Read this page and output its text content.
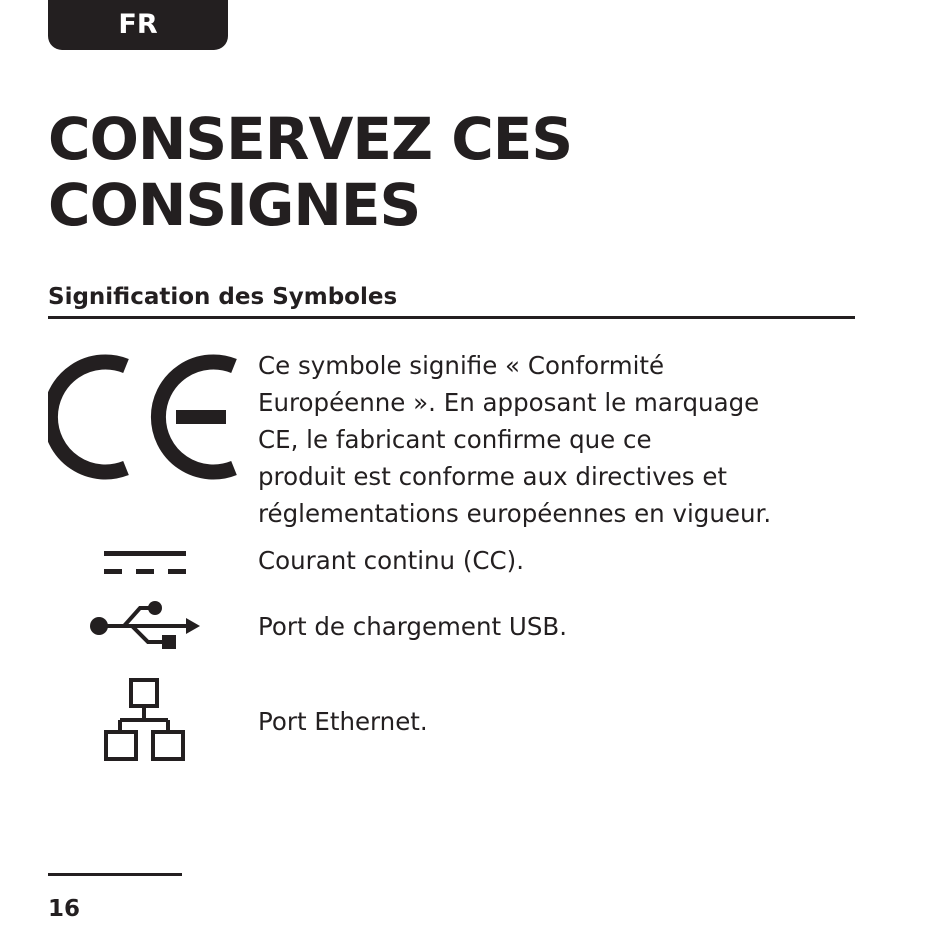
FR
CONSERVEZ CES
CONSIGNES
Signification des Symboles
Ce symbole signifie « Conformité
Européenne ». En apposant le marquage
CE, le fabricant confirme que ce
produit est conforme aux directives et
réglementations européennes en vigueur.
Courant continu (CC).
Port de chargement USB.
Port Ethernet.
16
